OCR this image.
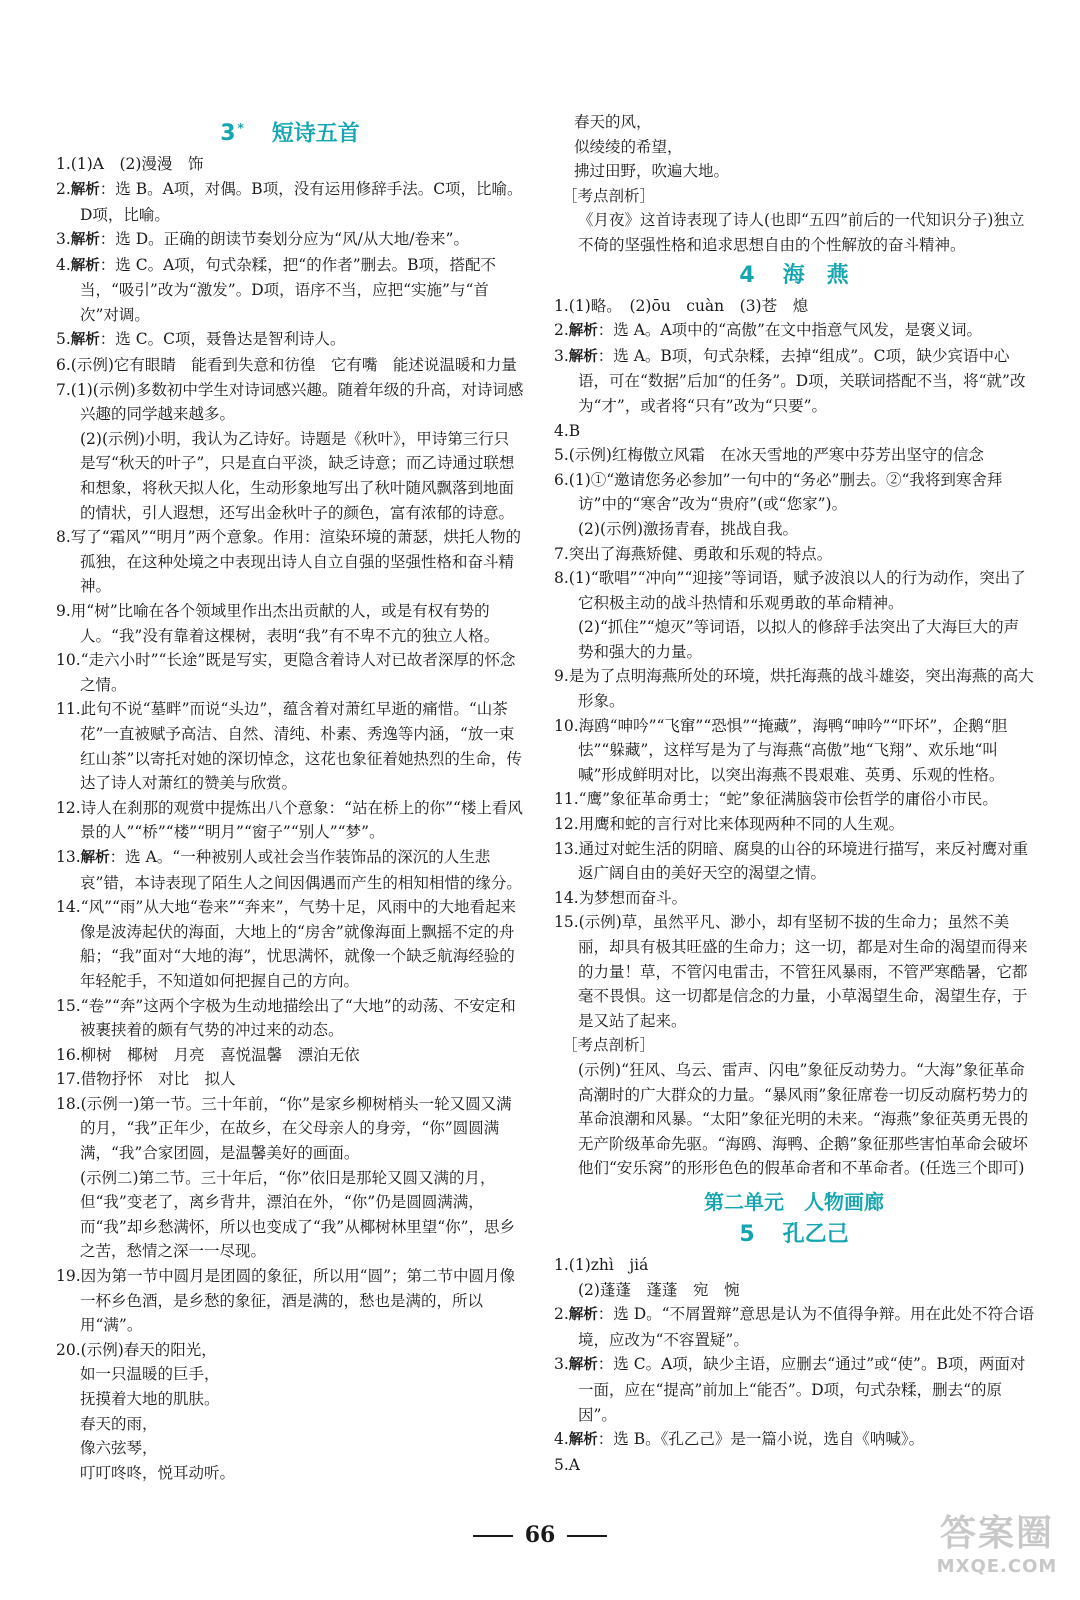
3 * 短诗五首

1.(1)A　(2)漫漫　饰

2.解析：选 B。A项，对偶。B项，没有运用修辞手法。C项，比喻。D项，比喻。

3.解析：选 D。正确的朗读节奏划分应为“风/从大地/卷来”。

4.解析：选 C。A项，句式杂糅，把“的作者”删去。B项，搭配不当，“吸引”改为“激发”。D项，语序不当，应把“实施”与“首次”对调。

5.解析：选 C。C项，聂鲁达是智利诗人。

6.(示例)它有眼睛　能看到失意和彷徨　它有嘴　能述说温暖和力量

7.(1)(示例)多数初中学生对诗词感兴趣。随着年级的升高，对诗词感兴趣的同学越来越多。

(2)(示例)小明，我认为乙诗好。诗题是《秋叶》，甲诗第三行只是写“秋天的叶子”，只是直白平淡，缺乏诗意；而乙诗通过联想和想象，将秋天拟人化，生动形象地写出了秋叶随风飘落到地面的情状，引人遐想，还写出金秋叶子的颜色，富有浓郁的诗意。

8.写了“霜风”“明月”两个意象。作用：渲染环境的萧瑟，烘托人物的孤独，在这种处境之中表现出诗人自立自强的坚强性格和奋斗精神。

9.用“树”比喻在各个领域里作出杰出贡献的人，或是有权有势的人。“我”没有靠着这棵树，表明“我”有不卑不亢的独立人格。

10.“走六小时”“长途”既是写实，更隐含着诗人对已故者深厚的怀念之情。

11.此句不说“墓畔”而说“头边”，蕴含着对萧红早逝的痛惜。“山茶花”一直被赋予高洁、自然、清纯、朴素、秀逸等内涵，“放一束红山茶”以寄托对她的深切悼念，这花也象征着她热烈的生命，传达了诗人对萧红的赞美与欣赏。

12.诗人在刹那的观赏中提炼出八个意象：“站在桥上的你”“楼上看风景的人”“桥”“楼”“明月”“窗子”“别人”“梦”。

13.解析：选 A。“一种被别人或社会当作装饰品的深沉的人生悲哀”错，本诗表现了陌生人之间因偶遇而产生的相知相惜的缘分。

14.“风”“雨”从大地“卷来”“奔来”，气势十足，风雨中的大地看起来像是波涛起伏的海面，大地上的“房舍”就像海面上飘摇不定的舟船；“我”面对“大地的海”，忧思满怀，就像一个缺乏航海经验的年轻舵手，不知道如何把握自己的方向。

15.“卷”“奔”这两个字极为生动地描绘出了“大地”的动荡、不安定和被裹挟着的颇有气势的冲过来的动态。

16.柳树　椰树　月亮　喜悦温馨　漂泊无依

17.借物抒怀　对比　拟人

18.(示例一)第一节。三十年前，“你”是家乡柳树梢头一轮又圆又满的月，“我”正年少，在故乡，在父母亲人的身旁，“你”圆圆满满，“我”合家团圆，是温馨美好的画面。

(示例二)第二节。三十年后，“你”依旧是那轮又圆又满的月，但“我”变老了，离乡背井，漂泊在外，“你”仍是圆圆满满，而“我”却乡愁满怀，所以也变成了“我”从椰树林里望“你”，思乡之苦，愁情之深一一尽现。

19.因为第一节中圆月是团圆的象征，所以用“圆”；第二节中圆月像一杯乡色酒，是乡愁的象征，酒是满的，愁也是满的，所以用“满”。

20.(示例)春天的阳光，

如一只温暖的巨手，

抚摸着大地的肌肤。

春天的雨，

像六弦琴，

叮叮咚咚，悦耳动听。

春天的风，

似绫绫的希望，

拂过田野，吹遍大地。

［考点剖析］

《月夜》这首诗表现了诗人(也即“五四”前后的一代知识分子)独立不倚的坚强性格和追求思想自由的个性解放的奋斗精神。

4 海　燕

1.(1)略。　(2)ōu　cuàn　(3)苍　熄

2.解析：选 A。A项中的“高傲”在文中指意气风发，是褒义词。

3.解析：选 A。B项，句式杂糅，去掉“组成”。C项，缺少宾语中心语，可在“数据”后加“的任务”。D项，关联词搭配不当，将“就”改为“才”，或者将“只有”改为“只要”。

4.B

5.(示例)红梅傲立风霜　在冰天雪地的严寒中芬芳出坚守的信念

6.(1)①“邀请您务必参加”一句中的“务必”删去。②“我将到寒舍拜访”中的“寒舍”改为“贵府”(或“您家”)。

(2)(示例)激扬青春，挑战自我。

7.突出了海燕矫健、勇敢和乐观的特点。

8.(1)“歌唱”“冲向”“迎接”等词语，赋予波浪以人的行为动作，突出了它积极主动的战斗热情和乐观勇敢的革命精神。

(2)“抓住”“熄灭”等词语，以拟人的修辞手法突出了大海巨大的声势和强大的力量。

9.是为了点明海燕所处的环境，烘托海燕的战斗雄姿，突出海燕的高大形象。

10.海鸥“呻吟”“飞窜”“恐惧”“掩藏”，海鸭“呻吟”“吓坏”，企鹅“胆怯”“躲藏”，这样写是为了与海燕“高傲”地“飞翔”、欢乐地“叫喊”形成鲜明对比，以突出海燕不畏艰难、英勇、乐观的性格。

11.“鹰”象征革命勇士；“蛇”象征满脑袋市侩哲学的庸俗小市民。

12.用鹰和蛇的言行对比来体现两种不同的人生观。

13.通过对蛇生活的阴暗、腐臭的山谷的环境进行描写，来反衬鹰对重返广阔自由的美好天空的渴望之情。

14.为梦想而奋斗。

15.(示例)草，虽然平凡、渺小，却有坚韧不拔的生命力；虽然不美丽，却具有极其旺盛的生命力；这一切，都是对生命的渴望而得来的力量！草，不管闪电雷击，不管狂风暴雨，不管严寒酷暑，它都毫不畏惧。这一切都是信念的力量，小草渴望生命，渴望生存，于是又站了起来。

［考点剖析］

(示例)“狂风、乌云、雷声、闪电”象征反动势力。“大海”象征革命高潮时的广大群众的力量。“暴风雨”象征席卷一切反动腐朽势力的革命浪潮和风暴。“太阳”象征光明的未来。“海燕”象征英勇无畏的无产阶级革命先驱。“海鸥、海鸭、企鹅”象征那些害怕革命会破坏他们“安乐窝”的形形色色的假革命者和不革命者。(任选三个即可)

第二单元　人物画廊

5 孔乙己

1.(1)zhì　jiá

(2)蓬蓬　蓬蓬　宛　惋

2.解析：选 D。“不屑置辩”意思是认为不值得争辩。用在此处不符合语境，应改为“不容置疑”。

3.解析：选 C。A项，缺少主语，应删去“通过”或“使”。B项，两面对一面，应在“提高”前加上“能否”。D项，句式杂糅，删去“的原因”。

4.解析：选 B。《孔乙己》是一篇小说，选自《呐喊》。

5.A

66	答案圈
MXQE.COM
